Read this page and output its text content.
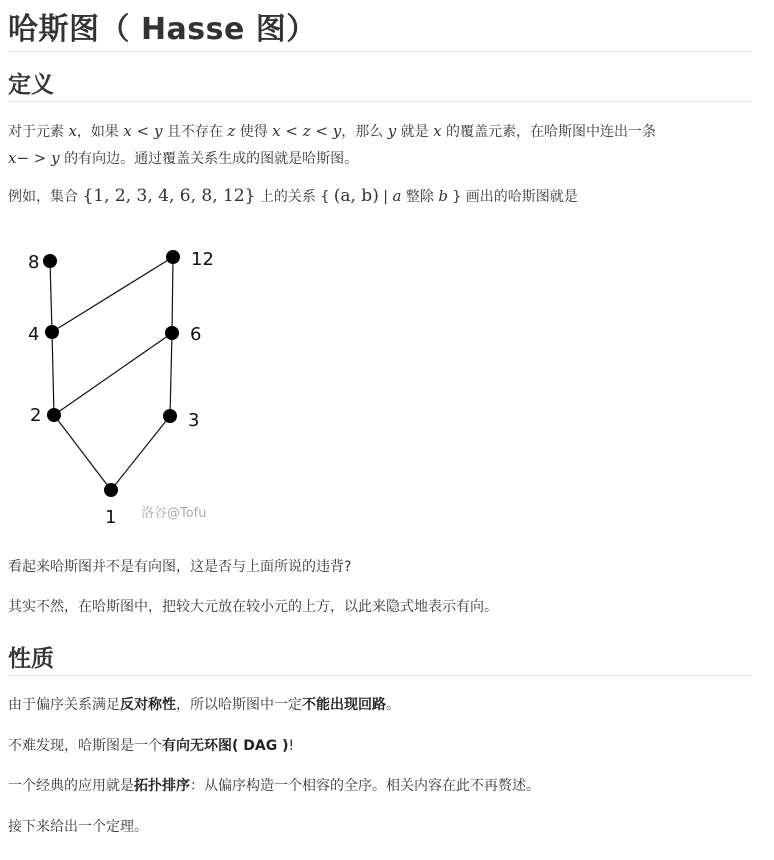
哈斯图（ Hasse 图）
定义

对于元素 x，如果 x < y 且不存在 z 使得 x < z < y，那么 y 就是 x 的覆盖元素，在哈斯图中连出一条
x− > y 的有向边。通过覆盖关系生成的图就是哈斯图。

例如，集合 {1, 2, 3, 4, 6, 8, 12} 上的关系 { (a, b) | a 整除 b } 画出的哈斯图就是

8	12
4	6
2	3
1 洛谷@Tofu

看起来哈斯图并不是有向图，这是否与上面所说的违背?

其实不然，在哈斯图中，把较大元放在较小元的上方，以此来隐式地表示有向。

性质

由于偏序关系满足反对称性，所以哈斯图中一定不能出现回路。

不难发现，哈斯图是一个有向无环图( DAG )!

一个经典的应用就是拓扑排序：从偏序构造一个相容的全序。相关内容在此不再赘述。

接下来给出一个定理。
